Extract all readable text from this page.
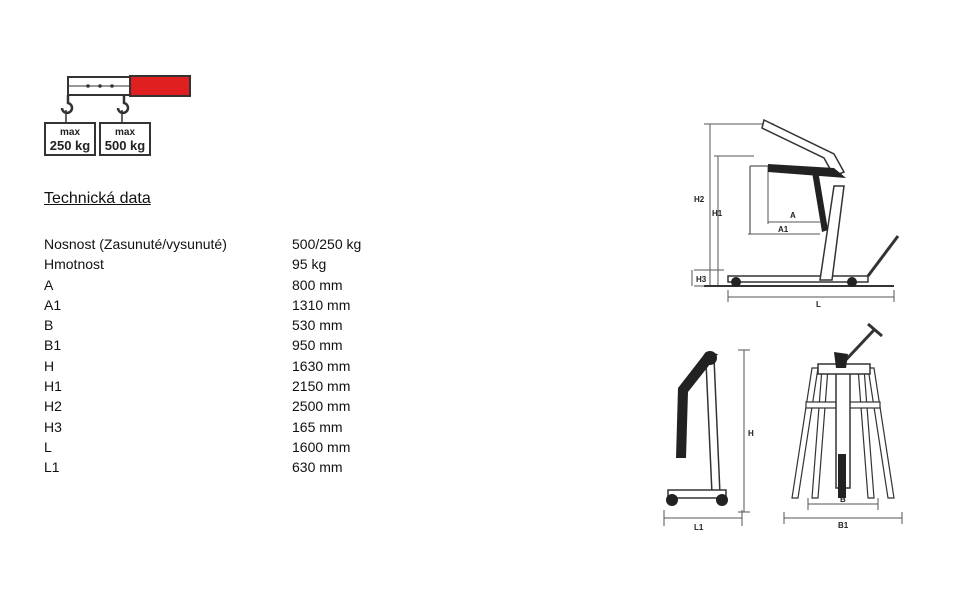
max
250 kg
max
500 kg
Technická data
Nosnost (Zasunuté/vysunuté)	500/250 kg
Hmotnost	95 kg
A	800 mm
A1	1310 mm
B	530 mm
B1	950 mm
H	1630 mm
H1	2150 mm
H2	2500 mm
H3	165 mm
L	1600 mm
L1	630 mm
H2
H1
H3
A
A1
L
H
L1
B
B1
